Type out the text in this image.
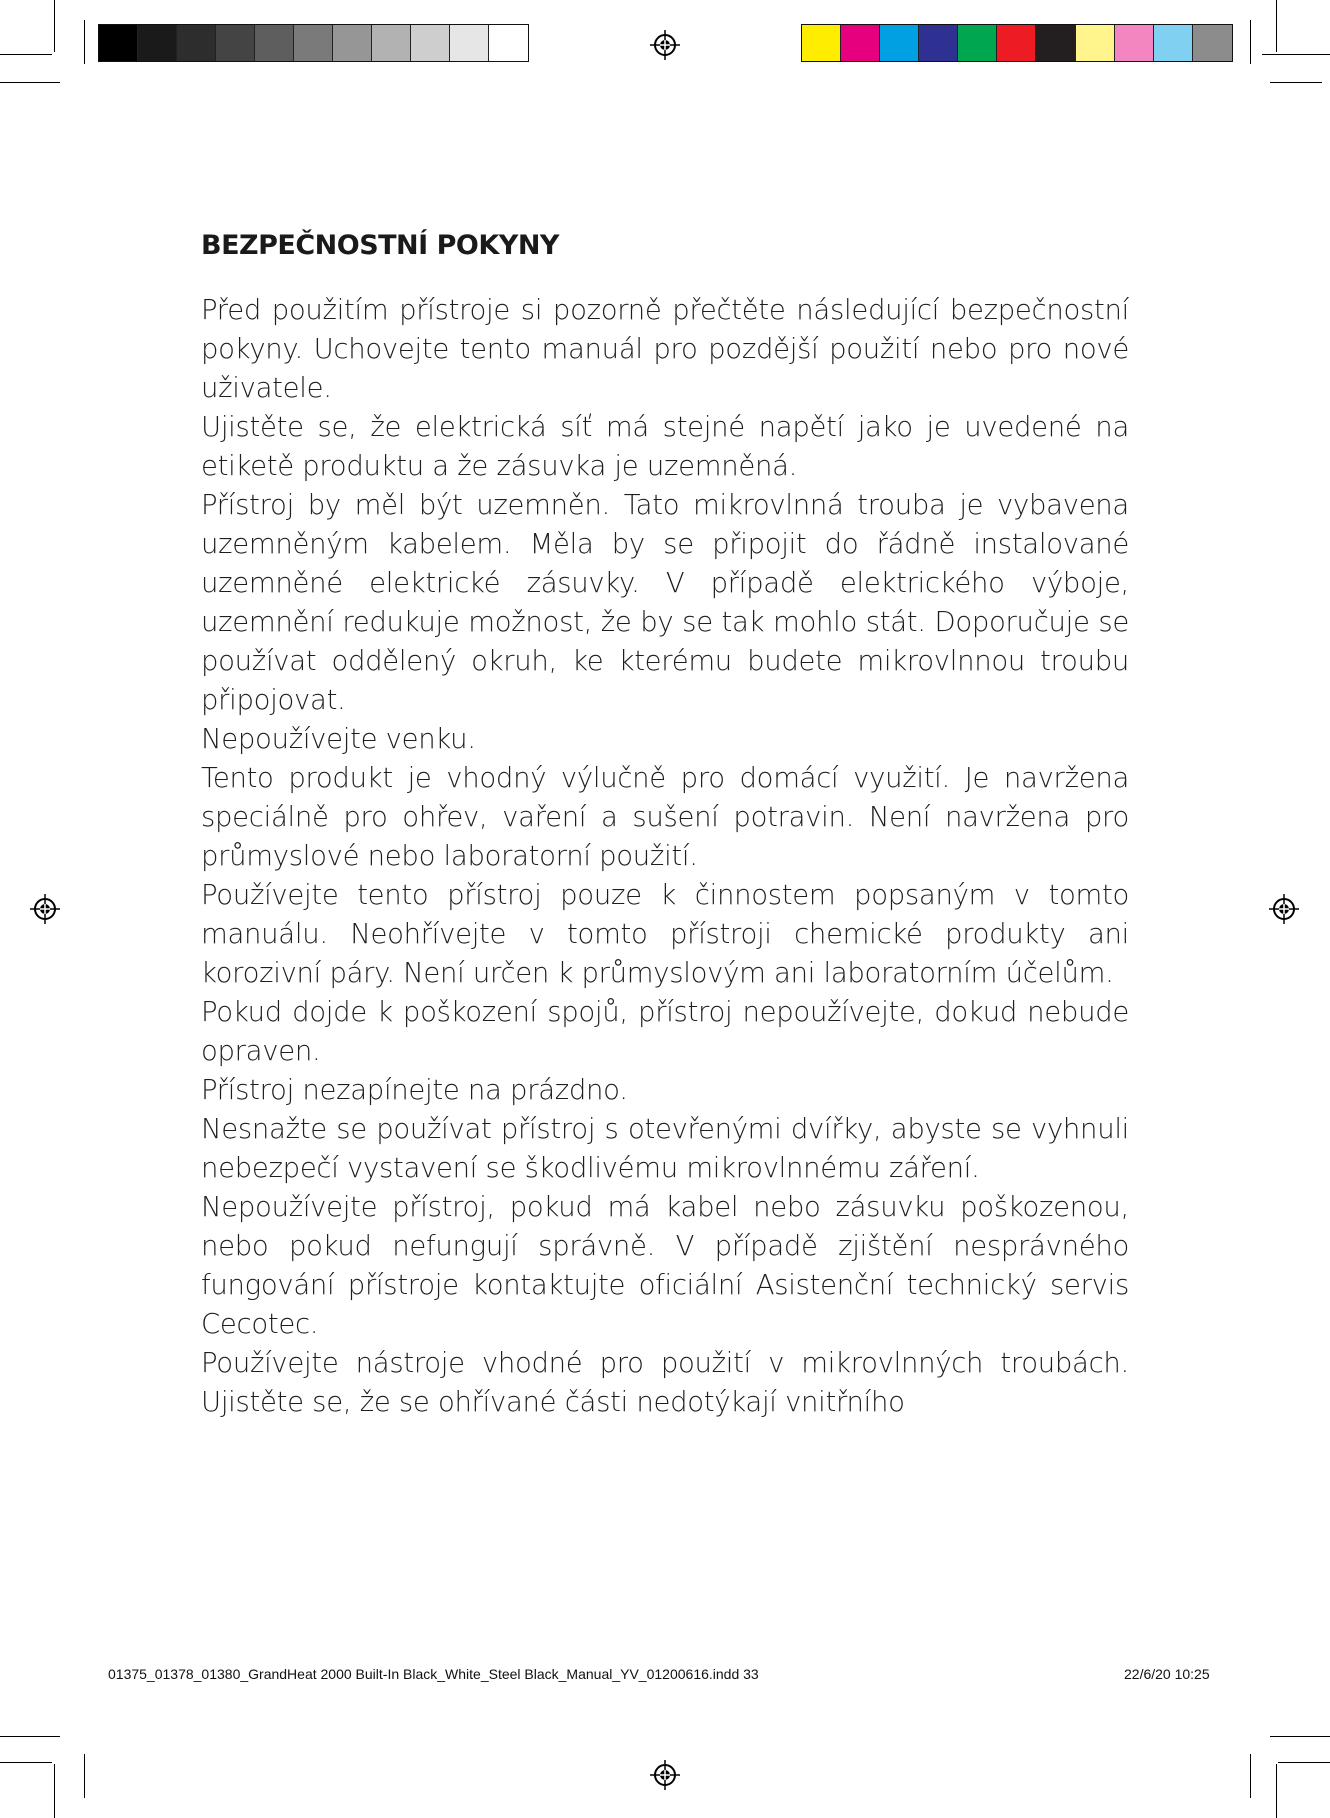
BEZPEČNOSTNÍ POKYNY

Před použitím přístroje si pozorně přečtěte následující bezpečnostní pokyny. Uchovejte tento manuál pro pozdější použití nebo pro nové uživatele.

Ujistěte se, že elektrická síť má stejné napětí jako je uvedené na etiketě produktu a že zásuvka je uzemněná.

Přístroj by měl být uzemněn. Tato mikrovlnná trouba je vybavena uzemněným kabelem. Měla by se připojit do řádně instalované uzemněné elektrické zásuvky. V případě elektrického výboje, uzemnění redukuje možnost, že by se tak mohlo stát. Doporučuje se používat oddělený okruh, ke kterému budete mikrovlnnou troubu připojovat.

Nepoužívejte venku.

Tento produkt je vhodný výlučně pro domácí využití. Je navržena speciálně pro ohřev, vaření a sušení potravin. Není navržena pro průmyslové nebo laboratorní použití.

Používejte tento přístroj pouze k činnostem popsaným v tomto manuálu. Neohřívejte v tomto přístroji chemické produkty ani korozivní páry. Není určen k průmyslovým ani laboratorním účelům.

Pokud dojde k poškození spojů, přístroj nepoužívejte, dokud nebude opraven.

Přístroj nezapínejte na prázdno.

Nesnažte se používat přístroj s otevřenými dvířky, abyste se vyhnuli nebezpečí vystavení se škodlivému mikrovlnnému záření.

Nepoužívejte přístroj, pokud má kabel nebo zásuvku poškozenou, nebo pokud nefungují správně. V případě zjištění nesprávného fungování přístroje kontaktujte oficiální Asistenční technický servis Cecotec.

Používejte nástroje vhodné pro použití v mikrovlnných troubách. Ujistěte se, že se ohřívané části nedotýkají vnitřního

01375_01378_01380_GrandHeat 2000 Built-In Black_White_Steel Black_Manual_YV_01200616.indd 33	22/6/20 10:25
